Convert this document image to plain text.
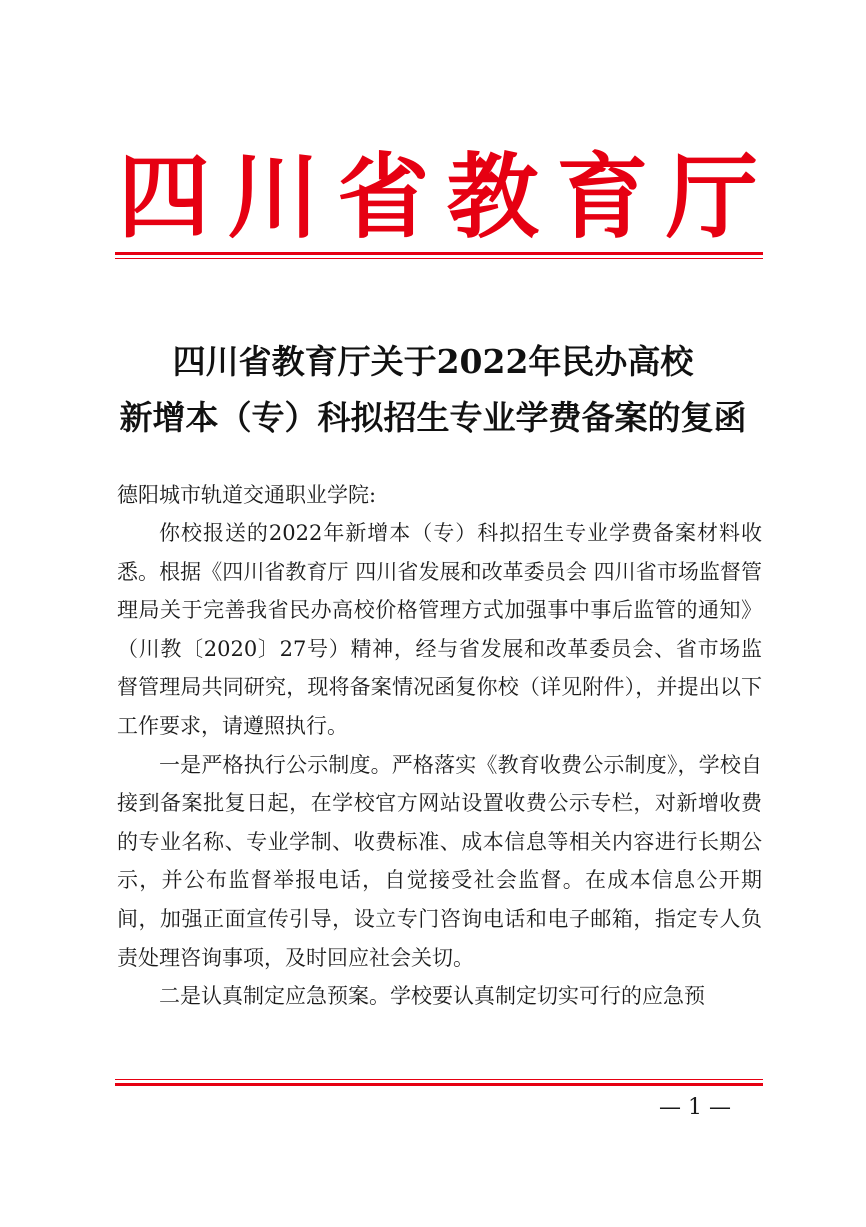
四 川 省 教 育 厅
四川省教育厅关于2022年民办高校
新增本（专）科拟招生专业学费备案的复函
德阳城市轨道交通职业学院:

你校报送的2022年新增本（专）科拟招生专业学费备案材料收悉。根据《四川省教育厅 四川省发展和改革委员会 四川省市场监督管理局关于完善我省民办高校价格管理方式加强事中事后监管的通知》（川教〔2020〕27号）精神，经与省发展和改革委员会、省市场监督管理局共同研究，现将备案情况函复你校（详见附件），并提出以下工作要求，请遵照执行。

一是严格执行公示制度。严格落实《教育收费公示制度》，学校自接到备案批复日起，在学校官方网站设置收费公示专栏，对新增收费的专业名称、专业学制、收费标准、成本信息等相关内容进行长期公示，并公布监督举报电话，自觉接受社会监督。在成本信息公开期间，加强正面宣传引导，设立专门咨询电话和电子邮箱，指定专人负责处理咨询事项，及时回应社会关切。

二是认真制定应急预案。学校要认真制定切实可行的应急预

— 1 —
